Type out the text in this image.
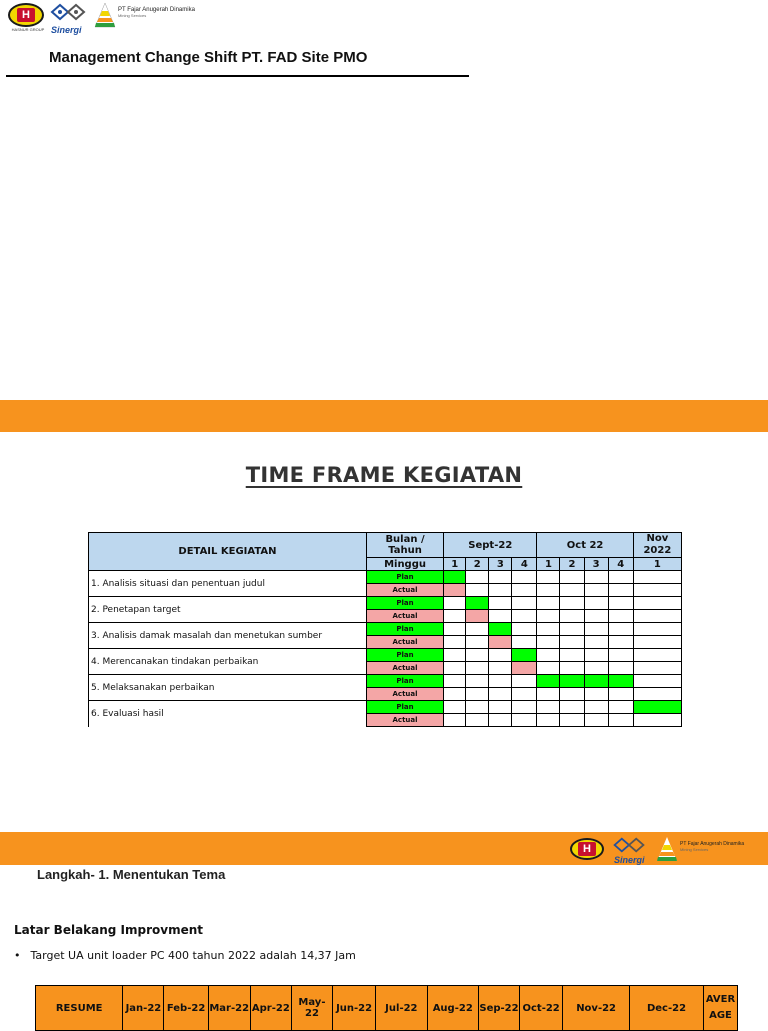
H
HASNUR GROUP Sinergi
PT Fajar Anugerah Dinamika
Mining Services
Management Change Shift PT. FAD Site PMO
TIME FRAME KEGIATAN
DETAIL KEGIATAN	Bulan / Tahun	Sept-22				Oct 22				Nov 2022
	Minggu	1	2	3	4	1	2	3	4	1
1. Analisis situasi dan penentuan judul	Plan									
	Actual									
2. Penetapan target	Plan									
	Actual									
3. Analisis damak masalah dan menetukan sumber	Plan									
	Actual									
4. Merencanakan tindakan perbaikan	Plan									
	Actual									
5. Melaksanakan perbaikan	Plan									
	Actual									
6. Evaluasi hasil	Plan									
	Actual									
H
Sinergi
PT Fajar Anugerah Dinamika
Mining Services
Langkah- 1. Menentukan Tema
Latar Belakang Improvment
• Target UA unit loader PC 400 tahun 2022 adalah 14,37 Jam
RESUME	Jan-22	Feb-22	Mar-22	Apr-22	May-22	Jun-22	Jul-22	Aug-22	Sep-22	Oct-22	Nov-22	Dec-22	AVERAGE
